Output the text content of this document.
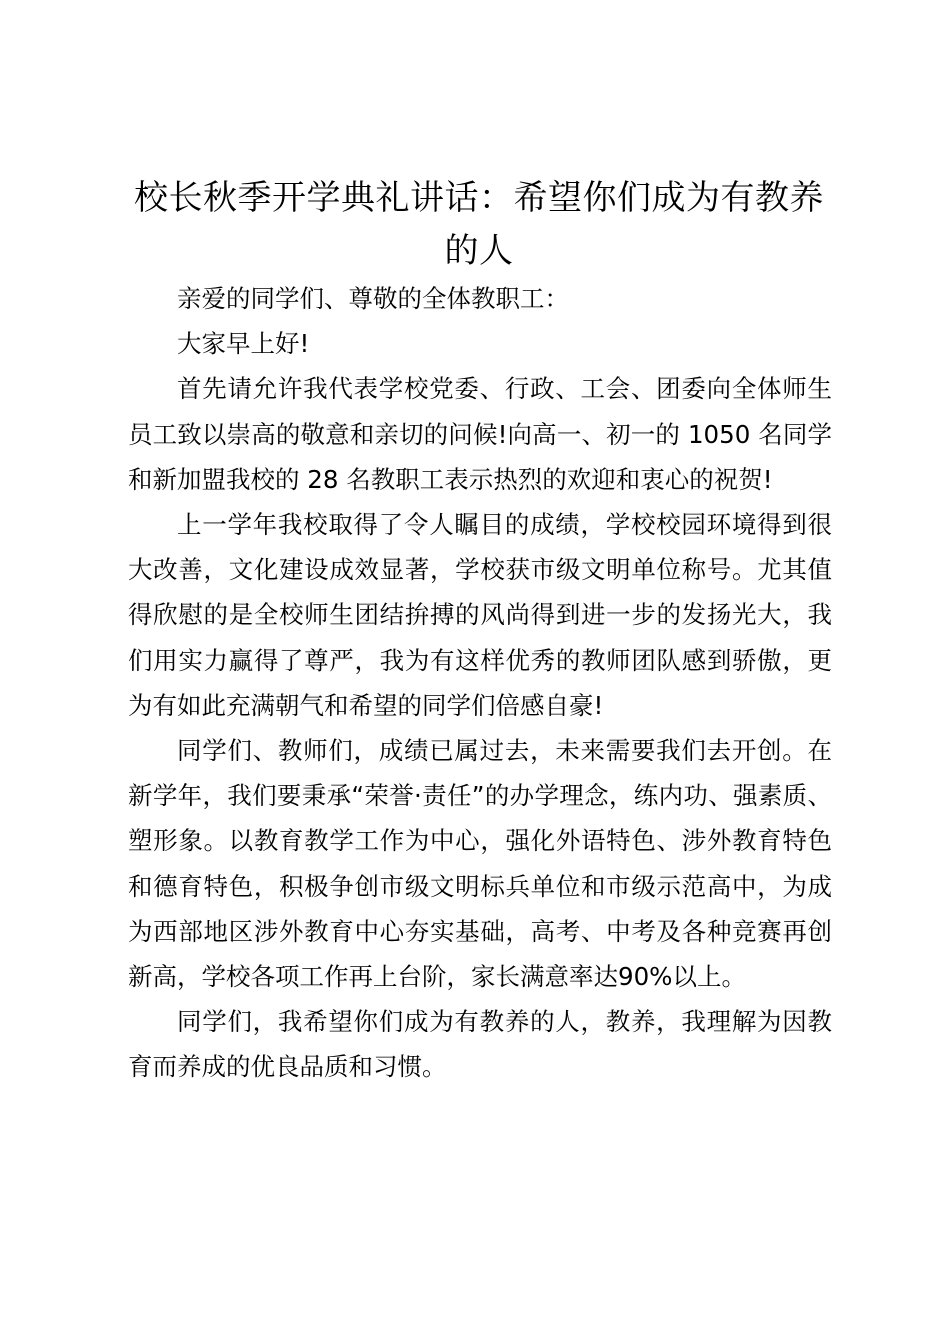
校长秋季开学典礼讲话：希望你们成为有教养的人

亲爱的同学们、尊敬的全体教职工：

大家早上好!

首先请允许我代表学校党委、行政、工会、团委向全体师生员工致以崇高的敬意和亲切的问候!向高一、初一的 1050 名同学和新加盟我校的 28 名教职工表示热烈的欢迎和衷心的祝贺!

上一学年我校取得了令人瞩目的成绩，学校校园环境得到很大改善，文化建设成效显著，学校获市级文明单位称号。尤其值得欣慰的是全校师生团结拚搏的风尚得到进一步的发扬光大，我们用实力赢得了尊严，我为有这样优秀的教师团队感到骄傲，更为有如此充满朝气和希望的同学们倍感自豪!

同学们、教师们，成绩已属过去，未来需要我们去开创。在新学年，我们要秉承“荣誉·责任”的办学理念，练内功、强素质、塑形象。以教育教学工作为中心，强化外语特色、涉外教育特色和德育特色，积极争创市级文明标兵单位和市级示范高中，为成为西部地区涉外教育中心夯实基础，高考、中考及各种竞赛再创新高，学校各项工作再上台阶，家长满意率达90%以上。

同学们，我希望你们成为有教养的人，教养，我理解为因教育而养成的优良品质和习惯。
